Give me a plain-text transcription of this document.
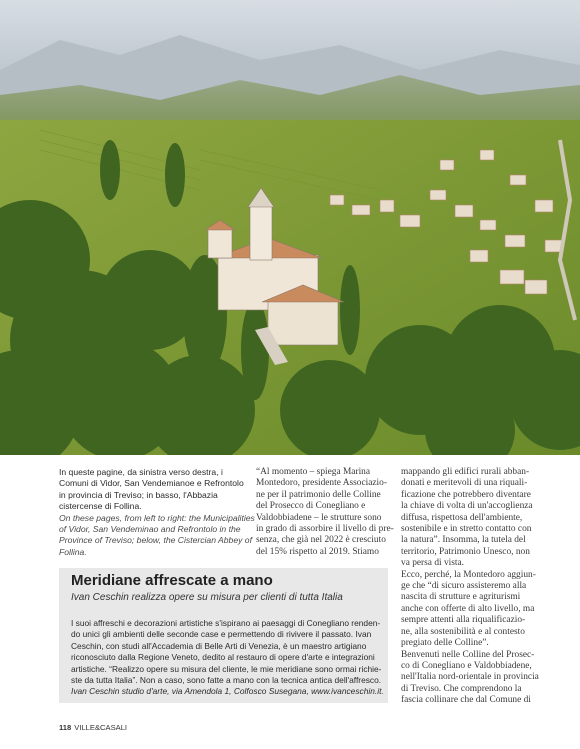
In queste pagine, da sinistra verso destra, i
Comuni di Vidor, San Vendemianoe e Refrontolo
in provincia di Treviso; in basso, l'Abbazia
cistercense di Follina.

On these pages, from left to right: the Municipalities
of Vidor, San Vendeminao and Refrontolo in the
Province of Treviso; below, the Cistercian Abbey of
Follina.

“Al momento – spiega Marina
Montedoro, presidente Associazio-
ne per il patrimonio delle Colline
del Prosecco di Conegliano e
Valdobbiadene – le strutture sono
in grado di assorbire il livello di pre-
senza, che già nel 2022 è cresciuto
del 15% rispetto al 2019. Stiamo
mappando gli edifici rurali abban-
donati e meritevoli di una riquali-
ficazione che potrebbero diventare
la chiave di volta di un'accoglienza
diffusa, rispettosa dell'ambiente,
sostenibile e in stretto contatto con
la natura”. Insomma, la tutela del
territorio, Patrimonio Unesco, non
va persa di vista.
Ecco, perché, la Montedoro aggiun-
ge che “di sicuro assisteremo alla
nascita di strutture e agriturismi
anche con offerte di alto livello, ma
sempre attenti alla riqualificazio-
ne, alla sostenibilità e al contesto
pregiato delle Colline”.
Benvenuti nelle Colline del Prosec-
co di Conegliano e Valdobbiadene,
nell'Italia nord-orientale in provincia
di Treviso. Che comprendono la
fascia collinare che dal Comune di
Meridiane affrescate a mano
Ivan Ceschin realizza opere su misura per clienti di tutta Italia
I suoi affreschi e decorazioni artistiche s'ispirano ai paesaggi di Conegliano renden-
do unici gli ambienti delle seconde case e permettendo di rivivere il passato. Ivan
Ceschin, con studi all'Accademia di Belle Arti di Venezia, è un maestro artigiano
riconosciuto dalla Regione Veneto, dedito al restauro di opere d'arte e integrazioni
artistiche. “Realizzo opere su misura del cliente, le mie meridiane sono ormai richie-
ste da tutta Italia”. Non a caso, sono fatte a mano con la tecnica antica dell'affresco.
Ivan Ceschin studio d'arte, via Amendola 1, Colfosco Susegana, www.ivanceschin.it.
118 VILLE&CASALI
